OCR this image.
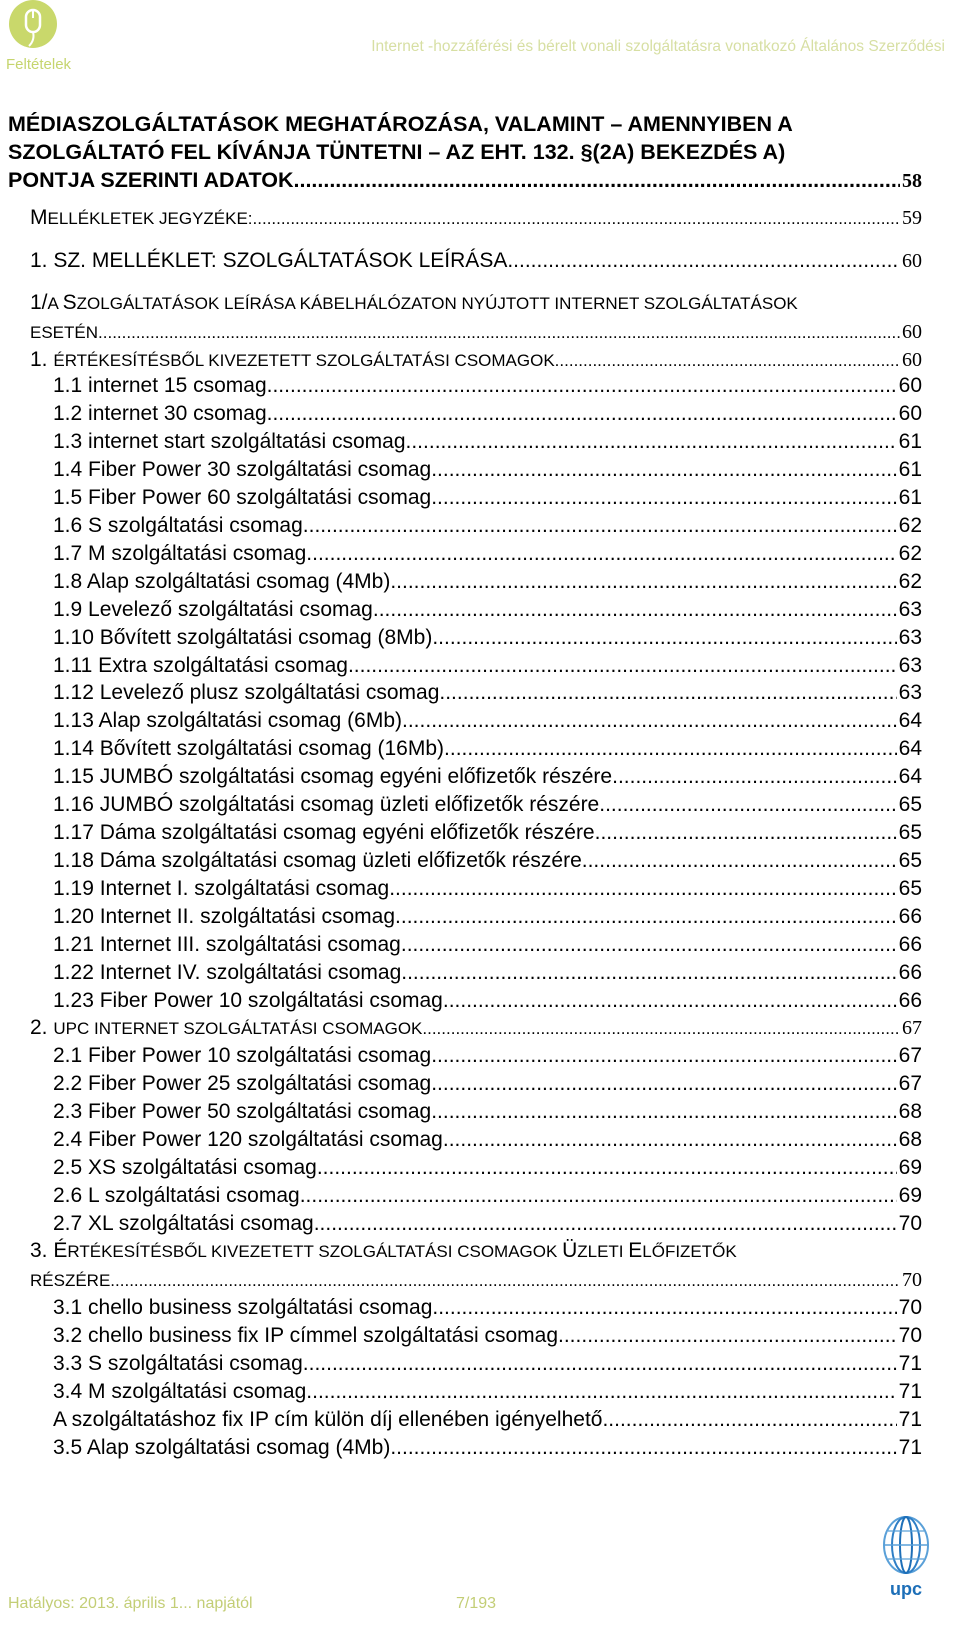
Feltételek
Internet -hozzáférési és bérelt vonali szolgáltatásra vonatkozó Általános Szerződési
MÉDIASZOLGÁLTATÁSOK MEGHATÁROZÁSA, VALAMINT – AMENNYIBEN A
SZOLGÁLTATÓ FEL KÍVÁNJA TÜNTETNI – AZ EHT. 132. §(2A) BEKEZDÉS A)
PONTJA SZERINTI ADATOK. .....	58
MELLÉKLETEK JEGYZÉKE: .....	59
1. SZ. MELLÉKLET: SZOLGÁLTATÁSOK LEÍRÁSA .....	60
1/A SZOLGÁLTATÁSOK LEÍRÁSA KÁBELHÁLÓZATON NYÚJTOTT INTERNET SZOLGÁLTATÁSOK
ESETÉN .....	60
1. ÉRTÉKESÍTÉSBŐL KIVEZETETT SZOLGÁLTATÁSI CSOMAGOK .....	60
1.1 internet 15 csomag .....	60
1.2 internet 30 csomag .....	60
1.3 internet start szolgáltatási csomag .....	61
1.4 Fiber Power 30 szolgáltatási csomag .....	61
1.5 Fiber Power 60 szolgáltatási csomag .....	61
1.6 S szolgáltatási csomag .....	62
1.7 M szolgáltatási csomag .....	62
1.8 Alap szolgáltatási csomag (4Mb) .....	62
1.9 Levelező szolgáltatási csomag .....	63
1.10 Bővített szolgáltatási csomag (8Mb) .....	63
1.11 Extra szolgáltatási csomag .....	63
1.12 Levelező plusz szolgáltatási csomag .....	63
1.13 Alap szolgáltatási csomag (6Mb) .....	64
1.14 Bővített szolgáltatási csomag (16Mb) .....	64
1.15 JUMBÓ szolgáltatási csomag egyéni előfizetők részére .....	64
1.16 JUMBÓ szolgáltatási csomag üzleti előfizetők részére .....	65
1.17 Dáma szolgáltatási csomag egyéni előfizetők részére .....	65
1.18 Dáma szolgáltatási csomag üzleti előfizetők részére .....	65
1.19 Internet I. szolgáltatási csomag .....	65
1.20 Internet II. szolgáltatási csomag .....	66
1.21 Internet III. szolgáltatási csomag .....	66
1.22 Internet IV. szolgáltatási csomag .....	66
1.23 Fiber Power 10 szolgáltatási csomag .....	66
2. UPC INTERNET SZOLGÁLTATÁSI CSOMAGOK .....	67
2.1 Fiber Power 10 szolgáltatási csomag .....	67
2.2 Fiber Power 25 szolgáltatási csomag .....	67
2.3 Fiber Power 50 szolgáltatási csomag .....	68
2.4 Fiber Power 120 szolgáltatási csomag .....	68
2.5 XS szolgáltatási csomag .....	69
2.6 L szolgáltatási csomag .....	69
2.7 XL szolgáltatási csomag .....	70
3. ÉRTÉKESÍTÉSBŐL KIVEZETETT SZOLGÁLTATÁSI CSOMAGOK ÜZLETI ELŐFIZETŐK
RÉSZÉRE .....	70
3.1 chello business szolgáltatási csomag .....	70
3.2 chello business fix IP címmel szolgáltatási csomag .....	70
3.3 S szolgáltatási csomag .....	71
3.4 M szolgáltatási csomag .....	71
A szolgáltatáshoz fix IP cím külön díj ellenében igényelhető. .....	71
3.5 Alap szolgáltatási csomag (4Mb) .....	71
Hatályos: 2013. április 1... napjától	7/193
upc
